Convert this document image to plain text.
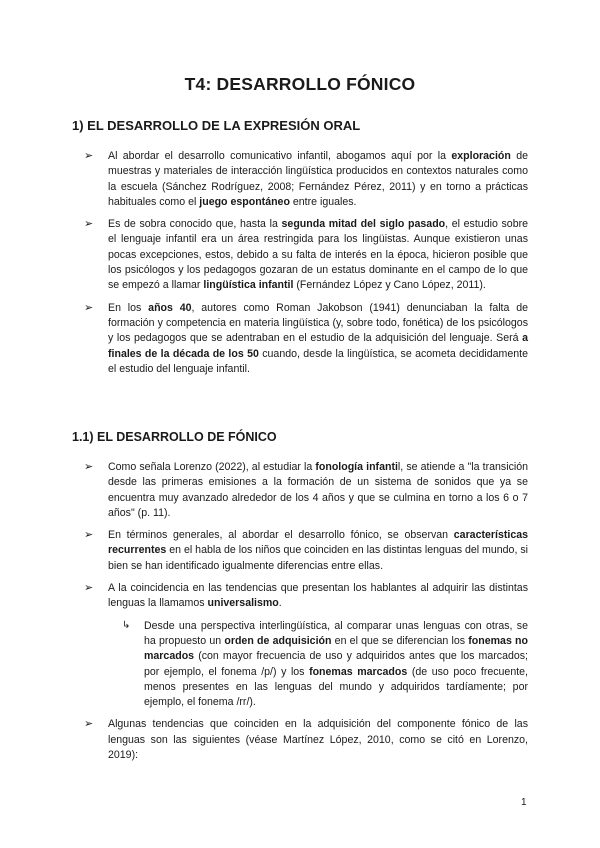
T4: DESARROLLO FÓNICO
1) EL DESARROLLO DE LA EXPRESIÓN ORAL
➢ Al abordar el desarrollo comunicativo infantil, abogamos aquí por la exploración de muestras y materiales de interacción lingüística producidos en contextos naturales como la escuela (Sánchez Rodríguez, 2008; Fernández Pérez, 2011) y en torno a prácticas habituales como el juego espontáneo entre iguales.
➢ Es de sobra conocido que, hasta la segunda mitad del siglo pasado, el estudio sobre el lenguaje infantil era un área restringida para los lingüistas. Aunque existieron unas pocas excepciones, estos, debido a su falta de interés en la época, hicieron posible que los psicólogos y los pedagogos gozaran de un estatus dominante en el campo de lo que se empezó a llamar lingüística infantil (Fernández López y Cano López, 2011).
➢ En los años 40, autores como Roman Jakobson (1941) denunciaban la falta de formación y competencia en materia lingüística (y, sobre todo, fonética) de los psicólogos y los pedagogos que se adentraban en el estudio de la adquisición del lenguaje. Será a finales de la década de los 50 cuando, desde la lingüística, se acometa decididamente el estudio del lenguaje infantil.
1.1) EL DESARROLLO DE FÓNICO
➢ Como señala Lorenzo (2022), al estudiar la fonología infantil, se atiende a "la transición desde las primeras emisiones a la formación de un sistema de sonidos que ya se encuentra muy avanzado alrededor de los 4 años y que se culmina en torno a los 6 o 7 años" (p. 11).
➢ En términos generales, al abordar el desarrollo fónico, se observan características recurrentes en el habla de los niños que coinciden en las distintas lenguas del mundo, si bien se han identificado igualmente diferencias entre ellas.
➢ A la coincidencia en las tendencias que presentan los hablantes al adquirir las distintas lenguas la llamamos universalismo.
↳ Desde una perspectiva interlingüística, al comparar unas lenguas con otras, se ha propuesto un orden de adquisición en el que se diferencian los fonemas no marcados (con mayor frecuencia de uso y adquiridos antes que los marcados; por ejemplo, el fonema /p/) y los fonemas marcados (de uso poco frecuente, menos presentes en las lenguas del mundo y adquiridos tardíamente; por ejemplo, el fonema /rr/).
➢ Algunas tendencias que coinciden en la adquisición del componente fónico de las lenguas son las siguientes (véase Martínez López, 2010, como se citó en Lorenzo, 2019):
1
